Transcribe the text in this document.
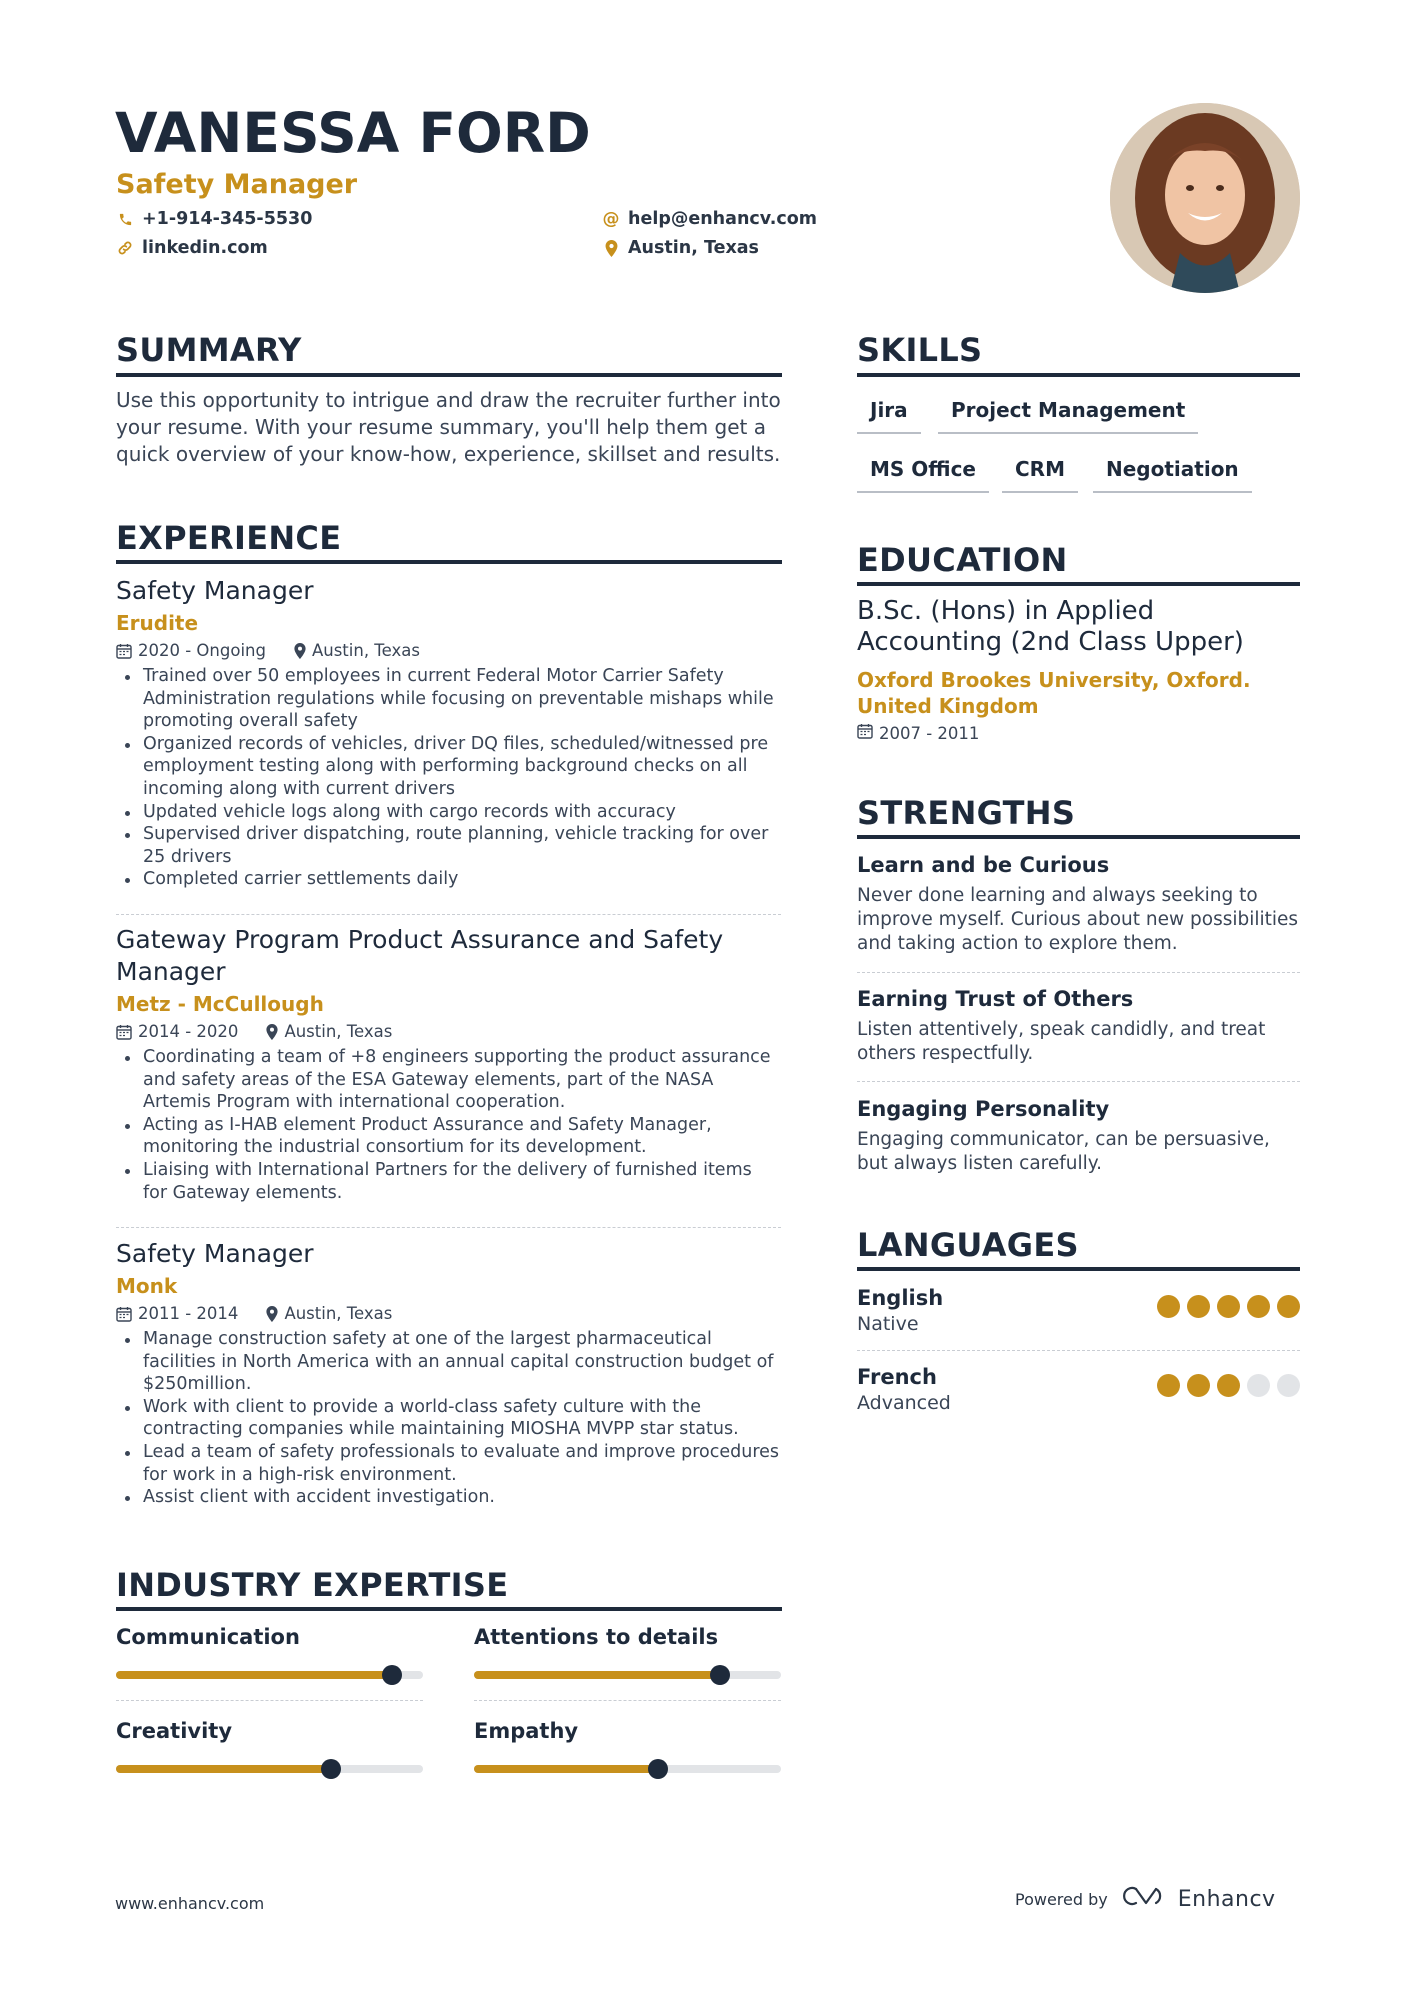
VANESSA FORD
Safety Manager
+1-914-345-5530	@ help@enhancv.com
linkedin.com	Austin, Texas
SUMMARY
Use this opportunity to intrigue and draw the recruiter further into your resume. With your resume summary, you'll help them get a quick overview of your know-how, experience, skillset and results.
EXPERIENCE
Safety Manager
Erudite
2020 - Ongoing	Austin, Texas
Trained over 50 employees in current Federal Motor Carrier Safety Administration regulations while focusing on preventable mishaps while promoting overall safety
Organized records of vehicles, driver DQ files, scheduled/witnessed pre employment testing along with performing background checks on all incoming along with current drivers
Updated vehicle logs along with cargo records with accuracy
Supervised driver dispatching, route planning, vehicle tracking for over 25 drivers
Completed carrier settlements daily
Gateway Program Product Assurance and Safety Manager
Metz - McCullough
2014 - 2020	Austin, Texas
Coordinating a team of +8 engineers supporting the product assurance and safety areas of the ESA Gateway elements, part of the NASA Artemis Program with international cooperation.
Acting as I-HAB element Product Assurance and Safety Manager, monitoring the industrial consortium for its development.
Liaising with International Partners for the delivery of furnished items for Gateway elements.
Safety Manager
Monk
2011 - 2014	Austin, Texas
Manage construction safety at one of the largest pharmaceutical facilities in North America with an annual capital construction budget of $250million.
Work with client to provide a world-class safety culture with the contracting companies while maintaining MIOSHA MVPP star status.
Lead a team of safety professionals to evaluate and improve procedures for work in a high-risk environment.
Assist client with accident investigation.
INDUSTRY EXPERTISE
Communication	Attentions to details
Creativity	Empathy
SKILLS
Jira	Project Management
MS Office	CRM	Negotiation
EDUCATION
B.Sc. (Hons) in Applied Accounting (2nd Class Upper)
Oxford Brookes University, Oxford. United Kingdom
2007 - 2011
STRENGTHS
Learn and be Curious
Never done learning and always seeking to improve myself. Curious about new possibilities and taking action to explore them.
Earning Trust of Others
Listen attentively, speak candidly, and treat others respectfully.
Engaging Personality
Engaging communicator, can be persuasive, but always listen carefully.
LANGUAGES
English
Native
French
Advanced
www.enhancv.com	Powered by	Enhancv
